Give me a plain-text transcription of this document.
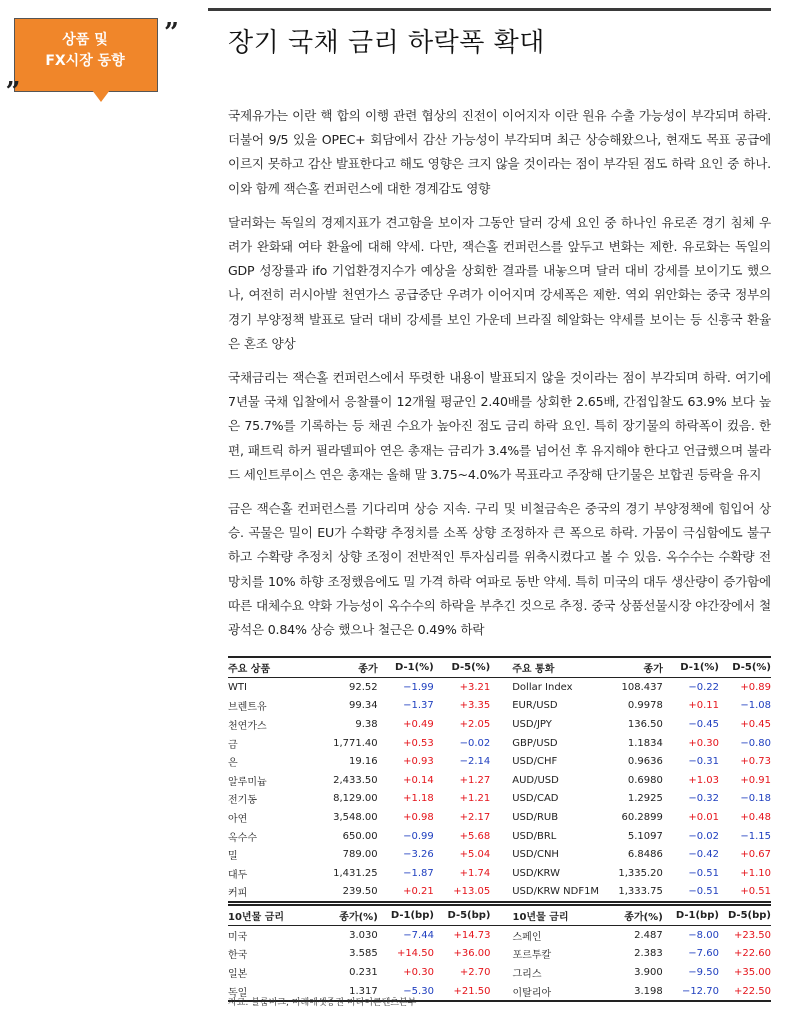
상품 및
FX시장 동향
„
” 장기 국채 금리 하락폭 확대

국제유가는 이란 핵 합의 이행 관련 협상의 진전이 이어지자 이란 원유 수출 가능성이 부각되며 하락. 더불어 9/5 있을 OPEC+ 회담에서 감산 가능성이 부각되며 최근 상승해왔으나, 현재도 목표 공급에 이르지 못하고 감산 발표한다고 해도 영향은 크지 않을 것이라는 점이 부각된 점도 하락 요인 중 하나. 이와 함께 잭슨홀 컨퍼런스에 대한 경계감도 영향

달러화는 독일의 경제지표가 견고함을 보이자 그동안 달러 강세 요인 중 하나인 유로존 경기 침체 우려가 완화돼 여타 환율에 대해 약세. 다만, 잭슨홀 컨퍼런스를 앞두고 변화는 제한. 유로화는 독일의 GDP 성장률과 ifo 기업환경지수가 예상을 상회한 결과를 내놓으며 달러 대비 강세를 보이기도 했으나, 여전히 러시아발 천연가스 공급중단 우려가 이어지며 강세폭은 제한. 역외 위안화는 중국 정부의 경기 부양정책 발표로 달러 대비 강세를 보인 가운데 브라질 헤알화는 약세를 보이는 등 신흥국 환율은 혼조 양상

국채금리는 잭슨홀 컨퍼런스에서 뚜렷한 내용이 발표되지 않을 것이라는 점이 부각되며 하락. 여기에 7년물 국채 입찰에서 응찰률이 12개월 평균인 2.40배를 상회한 2.65배, 간접입찰도 63.9% 보다 높은 75.7%를 기록하는 등 채권 수요가 높아진 점도 금리 하락 요인. 특히 장기물의 하락폭이 컸음. 한편, 패트릭 하커 필라델피아 연은 총재는 금리가 3.4%를 넘어선 후 유지해야 한다고 언급했으며 불라드 세인트루이스 연은 총재는 올해 말 3.75~4.0%가 목표라고 주장해 단기물은 보합권 등락을 유지

금은 잭슨홀 컨퍼런스를 기다리며 상승 지속. 구리 및 비철금속은 중국의 경기 부양정책에 힘입어 상승. 곡물은 밀이 EU가 수확량 추정치를 소폭 상향 조정하자 큰 폭으로 하락. 가뭄이 극심함에도 불구하고 수확량 추정치 상향 조정이 전반적인 투자심리를 위축시켰다고 볼 수 있음. 옥수수는 수확량 전망치를 10% 하향 조정했음에도 밀 가격 하락 여파로 동반 약세. 특히 미국의 대두 생산량이 증가함에 따른 대체수요 약화 가능성이 옥수수의 하락을 부추긴 것으로 추정. 중국 상품선물시장 야간장에서 철광석은 0.84% 상승 했으나 철근은 0.49% 하락

주요 상품	종가	D-1(%)	D-5(%)	주요 통화	종가	D-1(%)	D-5(%)
WTI	92.52	−1.99	+3.21	Dollar Index	108.437	−0.22	+0.89
브렌트유	99.34	−1.37	+3.35	EUR/USD	0.9978	+0.11	−1.08
천연가스	9.38	+0.49	+2.05	USD/JPY	136.50	−0.45	+0.45
금	1,771.40	+0.53	−0.02	GBP/USD	1.1834	+0.30	−0.80
은	19.16	+0.93	−2.14	USD/CHF	0.9636	−0.31	+0.73
알루미늄	2,433.50	+0.14	+1.27	AUD/USD	0.6980	+1.03	+0.91
전기동	8,129.00	+1.18	+1.21	USD/CAD	1.2925	−0.32	−0.18
아연	3,548.00	+0.98	+2.17	USD/RUB	60.2899	+0.01	+0.48
옥수수	650.00	−0.99	+5.68	USD/BRL	5.1097	−0.02	−1.15
밀	789.00	−3.26	+5.04	USD/CNH	6.8486	−0.42	+0.67
대두	1,431.25	−1.87	+1.74	USD/KRW	1,335.20	−0.51	+1.10
커피	239.50	+0.21	+13.05	USD/KRW NDF1M	1,333.75	−0.51	+0.51
10년물 금리	종가(%)	D-1(bp)	D-5(bp)	10년물 금리	종가(%)	D-1(bp)	D-5(bp)
미국	3.030	−7.44	+14.73	스페인	2.487	−8.00	+23.50
한국	3.585	+14.50	+36.00	포르투칼	2.383	−7.60	+22.60
일본	0.231	+0.30	+2.70	그리스	3.900	−9.50	+35.00
독일	1.317	−5.30	+21.50	이탈리아	3.198	−12.70	+22.50
자료: 블룸버그, 미래에셋증권 미디어콘텐츠본부
